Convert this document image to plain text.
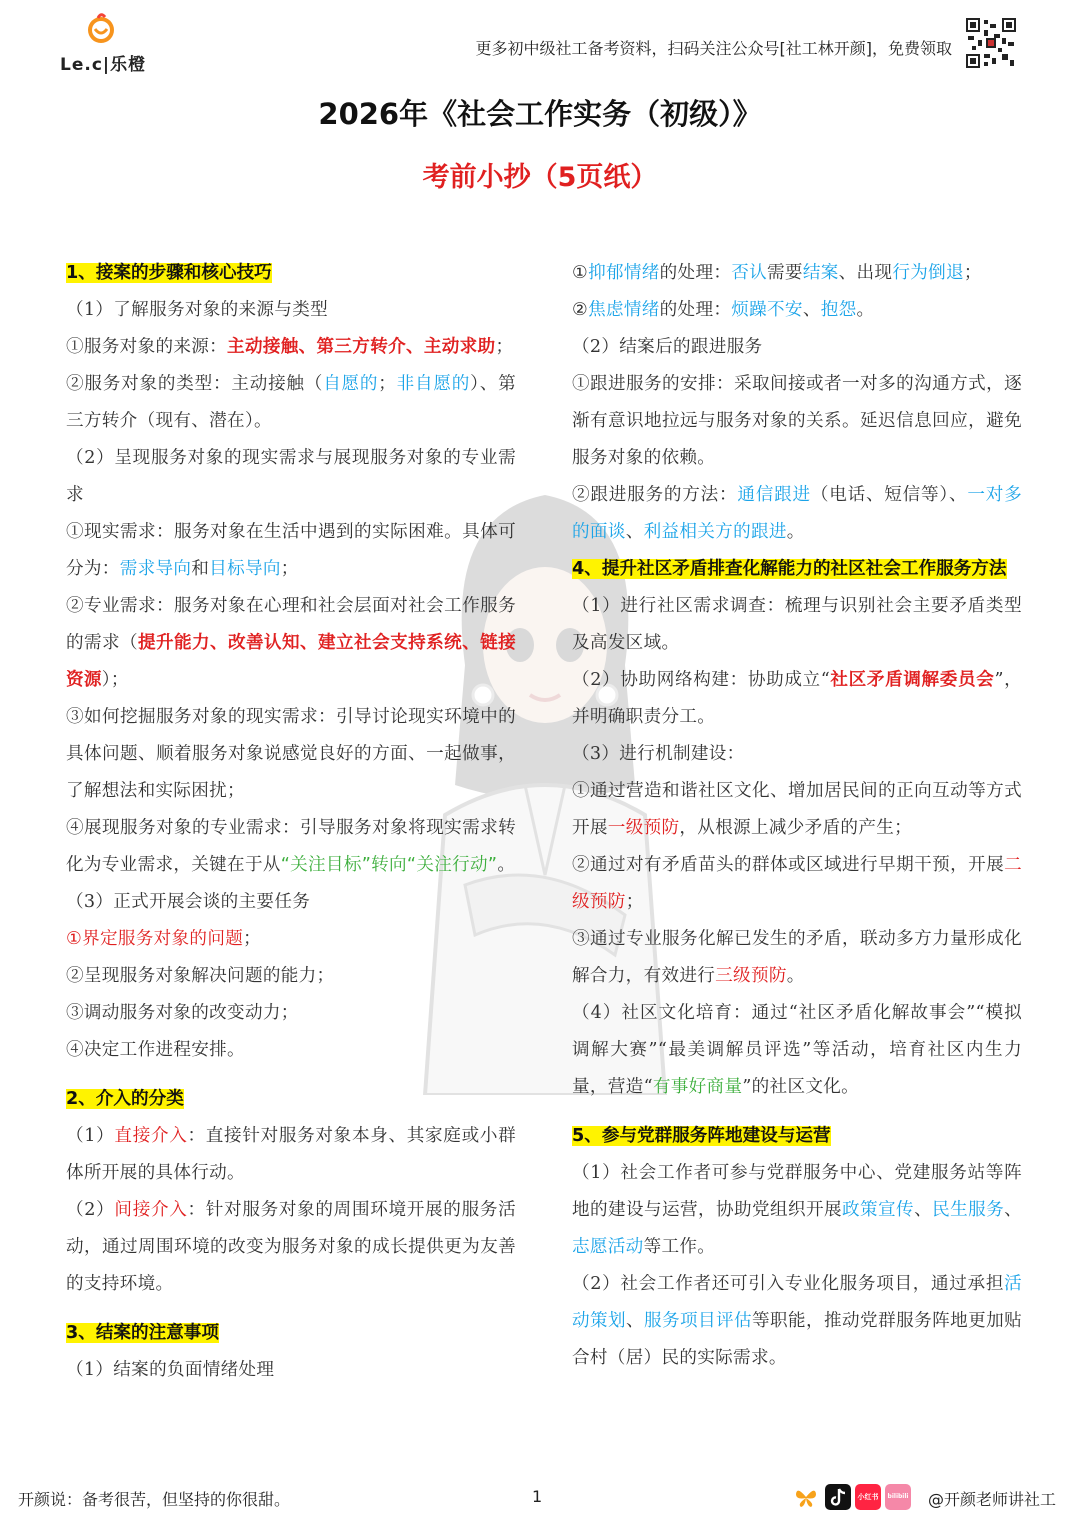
Le.c|乐橙
更多初中级社工备考资料，扫码关注公众号[社工林开颜]，免费领取
2026年《社会工作实务（初级）》
考前小抄（5页纸）
1、接案的步骤和核心技巧

（1）了解服务对象的来源与类型

①服务对象的来源：主动接触、第三方转介、主动求助；

②服务对象的类型：主动接触（自愿的；非自愿的）、第三方转介（现有、潜在）。

（2）呈现服务对象的现实需求与展现服务对象的专业需求

①现实需求：服务对象在生活中遇到的实际困难。具体可分为：需求导向和目标导向；

②专业需求：服务对象在心理和社会层面对社会工作服务的需求（提升能力、改善认知、建立社会支持系统、链接资源）；

③如何挖掘服务对象的现实需求：引导讨论现实环境中的具体问题、顺着服务对象说感觉良好的方面、一起做事，了解想法和实际困扰；

④展现服务对象的专业需求：引导服务对象将现实需求转化为专业需求，关键在于从“关注目标”转向“关注行动”。

（3）正式开展会谈的主要任务

①界定服务对象的问题；

②呈现服务对象解决问题的能力；

③调动服务对象的改变动力；

④决定工作进程安排。

2、介入的分类

（1）直接介入：直接针对服务对象本身、其家庭或小群体所开展的具体行动。

（2）间接介入：针对服务对象的周围环境开展的服务活动，通过周围环境的改变为服务对象的成长提供更为友善的支持环境。

3、结案的注意事项

（1）结案的负面情绪处理

①抑郁情绪的处理：否认需要结案、出现行为倒退；

②焦虑情绪的处理：烦躁不安、抱怨。

（2）结案后的跟进服务

①跟进服务的安排：采取间接或者一对多的沟通方式，逐渐有意识地拉远与服务对象的关系。延迟信息回应，避免服务对象的依赖。

②跟进服务的方法：通信跟进（电话、短信等）、一对多的面谈、利益相关方的跟进。

4、提升社区矛盾排查化解能力的社区社会工作服务方法

（1）进行社区需求调查：梳理与识别社会主要矛盾类型及高发区域。

（2）协助网络构建：协助成立“社区矛盾调解委员会”，并明确职责分工。

（3）进行机制建设：

①通过营造和谐社区文化、增加居民间的正向互动等方式开展一级预防，从根源上减少矛盾的产生；

②通过对有矛盾苗头的群体或区域进行早期干预，开展二级预防；

③通过专业服务化解已发生的矛盾，联动多方力量形成化解合力，有效进行三级预防。

（4）社区文化培育：通过“社区矛盾化解故事会”“模拟调解大赛”“最美调解员评选”等活动，培育社区内生力量，营造“有事好商量”的社区文化。

5、参与党群服务阵地建设与运营

（1）社会工作者可参与党群服务中心、党建服务站等阵地的建设与运营，协助党组织开展政策宣传、民生服务、志愿活动等工作。

（2）社会工作者还可引入专业化服务项目，通过承担活动策划、服务项目评估等职能，推动党群服务阵地更加贴合村（居）民的实际需求。

开颜说：备考很苦，但坚持的你很甜。	1	小红书	bilibili @开颜老师讲社工
